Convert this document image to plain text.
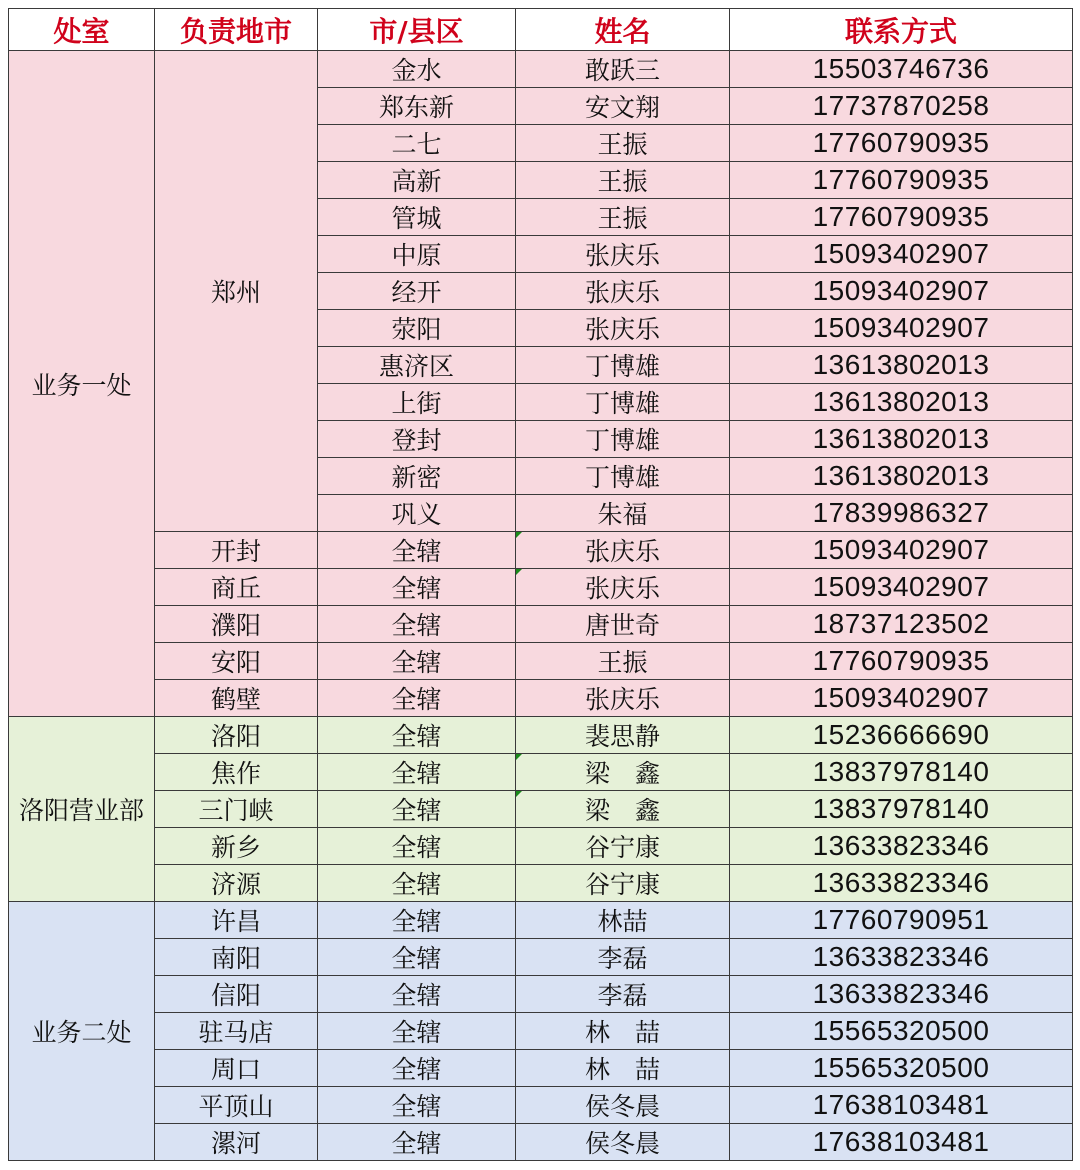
处室	负责地市	市/县区	姓名	联系方式
业务一处	郑州	金水	敢跃三	15503746736
		郑东新	安文翔	17737870258
		二七	王振	17760790935
		高新	王振	17760790935
		管城	王振	17760790935
		中原	张庆乐	15093402907
		经开	张庆乐	15093402907
		荥阳	张庆乐	15093402907
		惠济区	丁博雄	13613802013
		上街	丁博雄	13613802013
		登封	丁博雄	13613802013
		新密	丁博雄	13613802013
		巩义	朱福	17839986327
	开封	全辖	张庆乐	15093402907
	商丘	全辖	张庆乐	15093402907
	濮阳	全辖	唐世奇	18737123502
	安阳	全辖	王振	17760790935
	鹤壁	全辖	张庆乐	15093402907
洛阳营业部	洛阳	全辖	裴思静	15236666690
	焦作	全辖	梁　鑫	13837978140
	三门峡	全辖	梁　鑫	13837978140
	新乡	全辖	谷宁康	13633823346
	济源	全辖	谷宁康	13633823346
业务二处	许昌	全辖	林喆	17760790951
	南阳	全辖	李磊	13633823346
	信阳	全辖	李磊	13633823346
	驻马店	全辖	林　喆	15565320500
	周口	全辖	林　喆	15565320500
	平顶山	全辖	侯冬晨	17638103481
	漯河	全辖	侯冬晨	17638103481
